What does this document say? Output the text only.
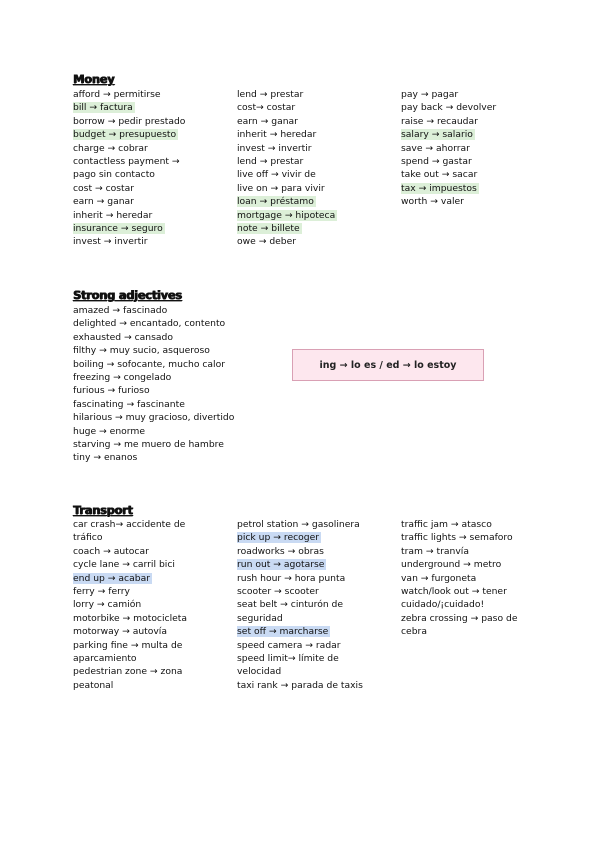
Money
afford → permitirse
bill → factura
borrow → pedir prestado
budget → presupuesto
charge → cobrar
contactless payment →
pago sin contacto
cost → costar
earn → ganar
inherit → heredar
insurance → seguro
invest → invertir
lend → prestar
cost→ costar
earn → ganar
inherit → heredar
invest → invertir
lend → prestar
live off → vivir de
live on → para vivir
loan → préstamo
mortgage → hipoteca
note → billete
owe → deber
pay → pagar
pay back → devolver
raise → recaudar
salary → salario
save → ahorrar
spend → gastar
take out → sacar
tax → impuestos
worth → valer
Strong adjectives
amazed → fascinado
delighted → encantado, contento
exhausted → cansado
filthy → muy sucio, asqueroso
boiling → sofocante, mucho calor
freezing → congelado
furious → furioso
fascinating → fascinante
hilarious → muy gracioso, divertido
huge → enorme
starving → me muero de hambre
tiny → enanos
ing → lo es / ed → lo estoy
Transport
car crash→ accidente de
tráfico
coach → autocar
cycle lane → carril bici
end up → acabar
ferry → ferry
lorry → camión
motorbike → motocicleta
motorway → autovía
parking fine → multa de
aparcamiento
pedestrian zone → zona
peatonal
petrol station → gasolinera
pick up → recoger
roadworks → obras
run out → agotarse
rush hour → hora punta
scooter → scooter
seat belt → cinturón de
seguridad
set off → marcharse
speed camera → radar
speed limit→ límite de
velocidad
taxi rank → parada de taxis
traffic jam → atasco
traffic lights → semaforo
tram → tranvía
underground → metro
van → furgoneta
watch/look out → tener
cuidado/¡cuidado!
zebra crossing → paso de
cebra
